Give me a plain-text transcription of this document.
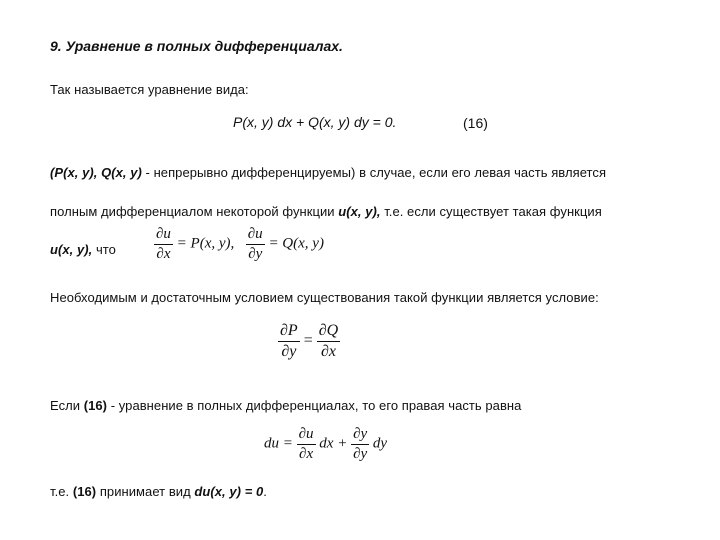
9. Уравнение в полных дифференциалах.
Так называется уравнение вида:
P(x, y) dx + Q(x, y) dy = 0.	(16)
(P(x, y), Q(x, y) - непрерывно дифференцируемы) в случае, если его левая часть является
полным дифференциалом некоторой функции u(x, y), т.е. если существует такая функция
u(x, y), что	$\frac{\partial u}{\partial x} = P(x$, y), $\frac{\partial u}{\partial y} = Q(x$, y)
Необходимым и достаточным условием существования такой функции является условие:
$\frac{\partial P}{\partial y} = \frac{\partial Q}{\partial x}$
Если (16) - уравнение в полных дифференциалах, то его правая часть равна
du = $\frac{\partial u}{\partial x}$ dx + $\frac{\partial y}{\partial y}$ dy
т.е. (16) принимает вид du(x, y) = 0.
